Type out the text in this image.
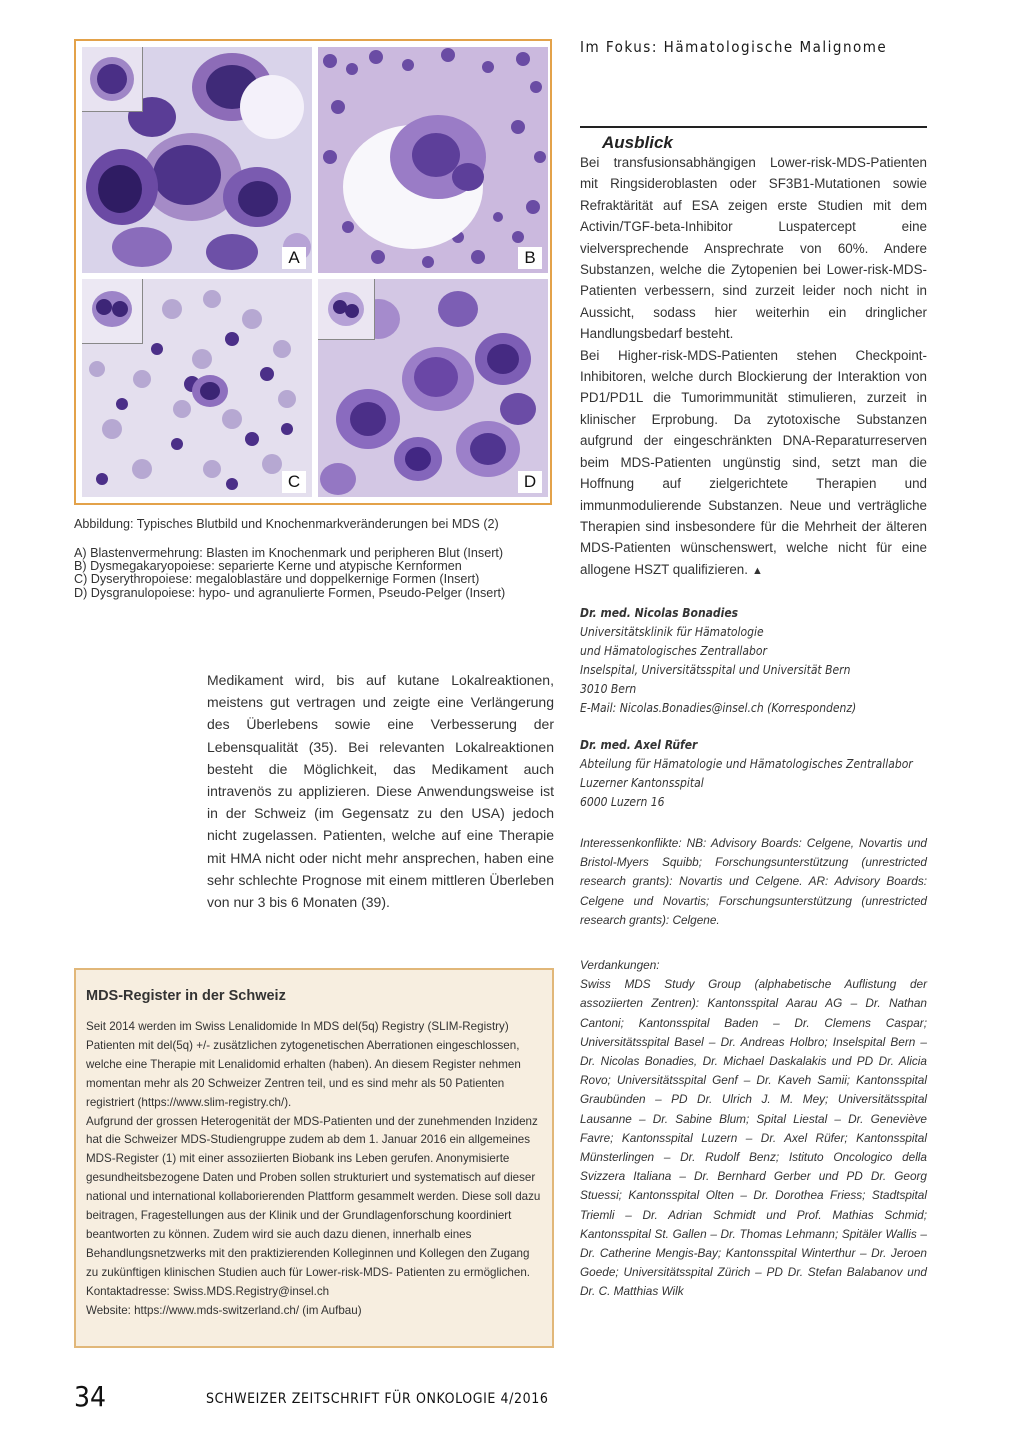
Im Fokus: Hämatologische Malignome
A	B
C	D
Abbildung: Typisches Blutbild und Knochenmarkveränderungen bei MDS (2)
A) Blastenvermehrung: Blasten im Knochenmark und peripheren Blut (Insert)
B) Dysmegakaryopoiese: separierte Kerne und atypische Kernformen
C) Dyserythropoiese: megaloblastäre und doppelkernige Formen (Insert)
D) Dysgranulopoiese: hypo- und agranulierte Formen, Pseudo-Pelger (Insert)
Medikament wird, bis auf kutane Lokalreaktionen, meistens gut vertragen und zeigte eine Verlängerung des Überlebens sowie eine Verbesserung der Lebensqualität (35). Bei relevanten Lokalreaktionen besteht die Möglichkeit, das Medikament auch intravenös zu applizieren. Diese Anwendungsweise ist in der Schweiz (im Gegensatz zu den USA) jedoch nicht zugelassen. Patienten, welche auf eine Therapie mit HMA nicht oder nicht mehr ansprechen, haben eine sehr schlechte Prognose mit einem mittleren Überleben von nur 3 bis 6 Monaten (39).
MDS-Register in der Schweiz
Seit 2014 werden im Swiss Lenalidomide In MDS del(5q) Registry (SLIM-Registry) Patienten mit del(5q) +/- zusätzlichen zytogenetischen Aberrationen eingeschlossen, welche eine Therapie mit Lenalidomid erhalten (haben). An diesem Register nehmen momentan mehr als 20 Schweizer Zentren teil, und es sind mehr als 50 Patienten registriert (https://www.slim-registry.ch/).
Aufgrund der grossen Heterogenität der MDS-Patienten und der zunehmenden Inzidenz hat die Schweizer MDS-Studiengruppe zudem ab dem 1. Januar 2016 ein allgemeines MDS-Register (1) mit einer assoziierten Biobank ins Leben gerufen. Anonymisierte gesundheitsbezogene Daten und Proben sollen strukturiert und systematisch auf dieser national und international kollaborierenden Plattform gesammelt werden. Diese soll dazu beitragen, Fragestellungen aus der Klinik und der Grundlagenforschung koordiniert beantworten zu können. Zudem wird sie auch dazu dienen, innerhalb eines Behandlungsnetzwerks mit den praktizierenden Kolleginnen und Kollegen den Zugang zu zukünftigen klinischen Studien auch für Lower-risk-MDS- Patienten zu ermöglichen.
Kontaktadresse: Swiss.MDS.Registry@insel.ch
Website: https://www.mds-switzerland.ch/ (im Aufbau)
Ausblick

Bei transfusionsabhängigen Lower-risk-MDS-Patienten mit Ringsideroblasten oder SF3B1-Mutationen sowie Refraktärität auf ESA zeigen erste Studien mit dem Activin/TGF-beta-Inhibitor Luspatercept eine vielversprechende Ansprechrate von 60%. Andere Substanzen, welche die Zytopenien bei Lower-risk-MDS-Patienten verbessern, sind zurzeit leider noch nicht in Aussicht, sodass hier weiterhin ein dringlicher Handlungsbedarf besteht.

Bei Higher-risk-MDS-Patienten stehen Checkpoint-Inhibitoren, welche durch Blockierung der Interaktion von PD1/PD1L die Tumorimmunität stimulieren, zurzeit in klinischer Erprobung. Da zytotoxische Substanzen aufgrund der eingeschränkten DNA-Reparaturreserven beim MDS-Patienten ungünstig sind, setzt man die Hoffnung auf zielgerichtete Therapien und immunmodulierende Substanzen. Neue und verträgliche Therapien sind insbesondere für die Mehrheit der älteren MDS-Patienten wünschenswert, welche nicht für eine allogene HSZT qualifizieren. ▲

Dr. med. Nicolas Bonadies
Universitätsklinik für Hämatologie
und Hämatologisches Zentrallabor
Inselspital, Universitätsspital und Universität Bern
3010 Bern
E-Mail: Nicolas.Bonadies@insel.ch (Korrespondenz)
Dr. med. Axel Rüfer
Abteilung für Hämatologie und Hämatologisches Zentrallabor
Luzerner Kantonsspital
6000 Luzern 16
Interessenkonflikte: NB: Advisory Boards: Celgene, Novartis und Bristol-Myers Squibb; Forschungsunterstützung (unrestricted research grants): Novartis und Celgene. AR: Advisory Boards: Celgene und Novartis; Forschungsunterstützung (unrestricted research grants): Celgene.
Verdankungen:
Swiss MDS Study Group (alphabetische Auflistung der assoziierten Zentren): Kantonsspital Aarau AG – Dr. Nathan Cantoni; Kantonsspital Baden – Dr. Clemens Caspar; Universitätsspital Basel – Dr. Andreas Holbro; Inselspital Bern – Dr. Nicolas Bonadies, Dr. Michael Daskalakis und PD Dr. Alicia Rovo; Universitätsspital Genf – Dr. Kaveh Samii; Kantonsspital Graubünden – PD Dr. Ulrich J. M. Mey; Universitätsspital Lausanne – Dr. Sabine Blum; Spital Liestal – Dr. Geneviève Favre; Kantonsspital Luzern – Dr. Axel Rüfer; Kantonsspital Münsterlingen – Dr. Rudolf Benz; Istituto Oncologico della Svizzera Italiana – Dr. Bernhard Gerber und PD Dr. Georg Stuessi; Kantonsspital Olten – Dr. Dorothea Friess; Stadtspital Triemli – Dr. Adrian Schmidt und Prof. Mathias Schmid; Kantonsspital St. Gallen – Dr. Thomas Lehmann; Spitäler Wallis – Dr. Catherine Mengis-Bay; Kantonsspital Winterthur – Dr. Jeroen Goede; Universitätsspital Zürich – PD Dr. Stefan Balabanov und Dr. C. Matthias Wilk
34	SCHWEIZER ZEITSCHRIFT FÜR ONKOLOGIE 4/2016
